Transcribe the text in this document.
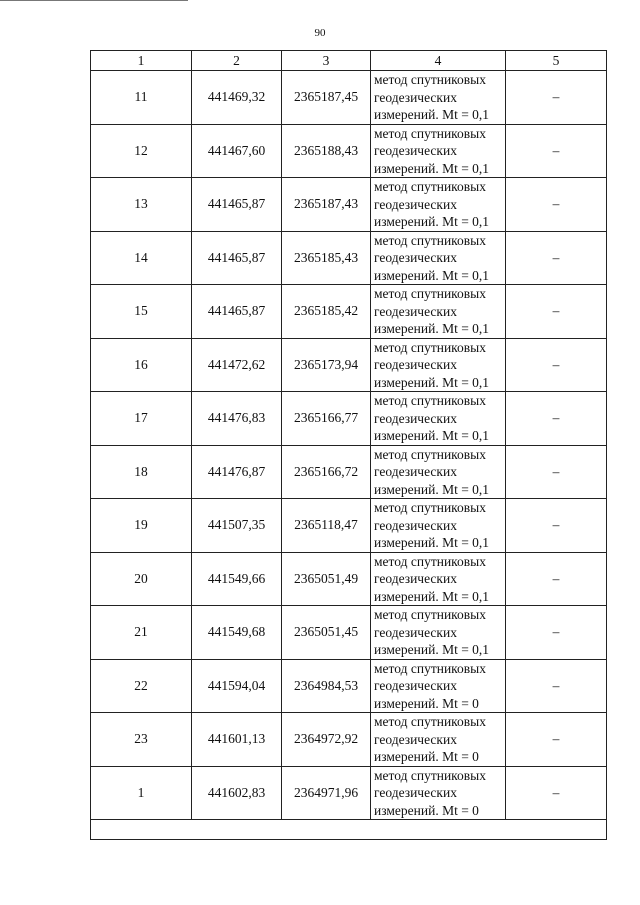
90
1	2	3	4	5
11	441469,32	2365187,45	метод спутниковых
геодезических
измерений. Mt = 0,1	–
12	441467,60	2365188,43	метод спутниковых
геодезических
измерений. Mt = 0,1	–
13	441465,87	2365187,43	метод спутниковых
геодезических
измерений. Mt = 0,1	–
14	441465,87	2365185,43	метод спутниковых
геодезических
измерений. Mt = 0,1	–
15	441465,87	2365185,42	метод спутниковых
геодезических
измерений. Mt = 0,1	–
16	441472,62	2365173,94	метод спутниковых
геодезических
измерений. Mt = 0,1	–
17	441476,83	2365166,77	метод спутниковых
геодезических
измерений. Mt = 0,1	–
18	441476,87	2365166,72	метод спутниковых
геодезических
измерений. Mt = 0,1	–
19	441507,35	2365118,47	метод спутниковых
геодезических
измерений. Mt = 0,1	–
20	441549,66	2365051,49	метод спутниковых
геодезических
измерений. Mt = 0,1	–
21	441549,68	2365051,45	метод спутниковых
геодезических
измерений. Mt = 0,1	–
22	441594,04	2364984,53	метод спутниковых
геодезических
измерений. Mt = 0	–
23	441601,13	2364972,92	метод спутниковых
геодезических
измерений. Mt = 0	–
1	441602,83	2364971,96	метод спутниковых
геодезических
измерений. Mt = 0	–
